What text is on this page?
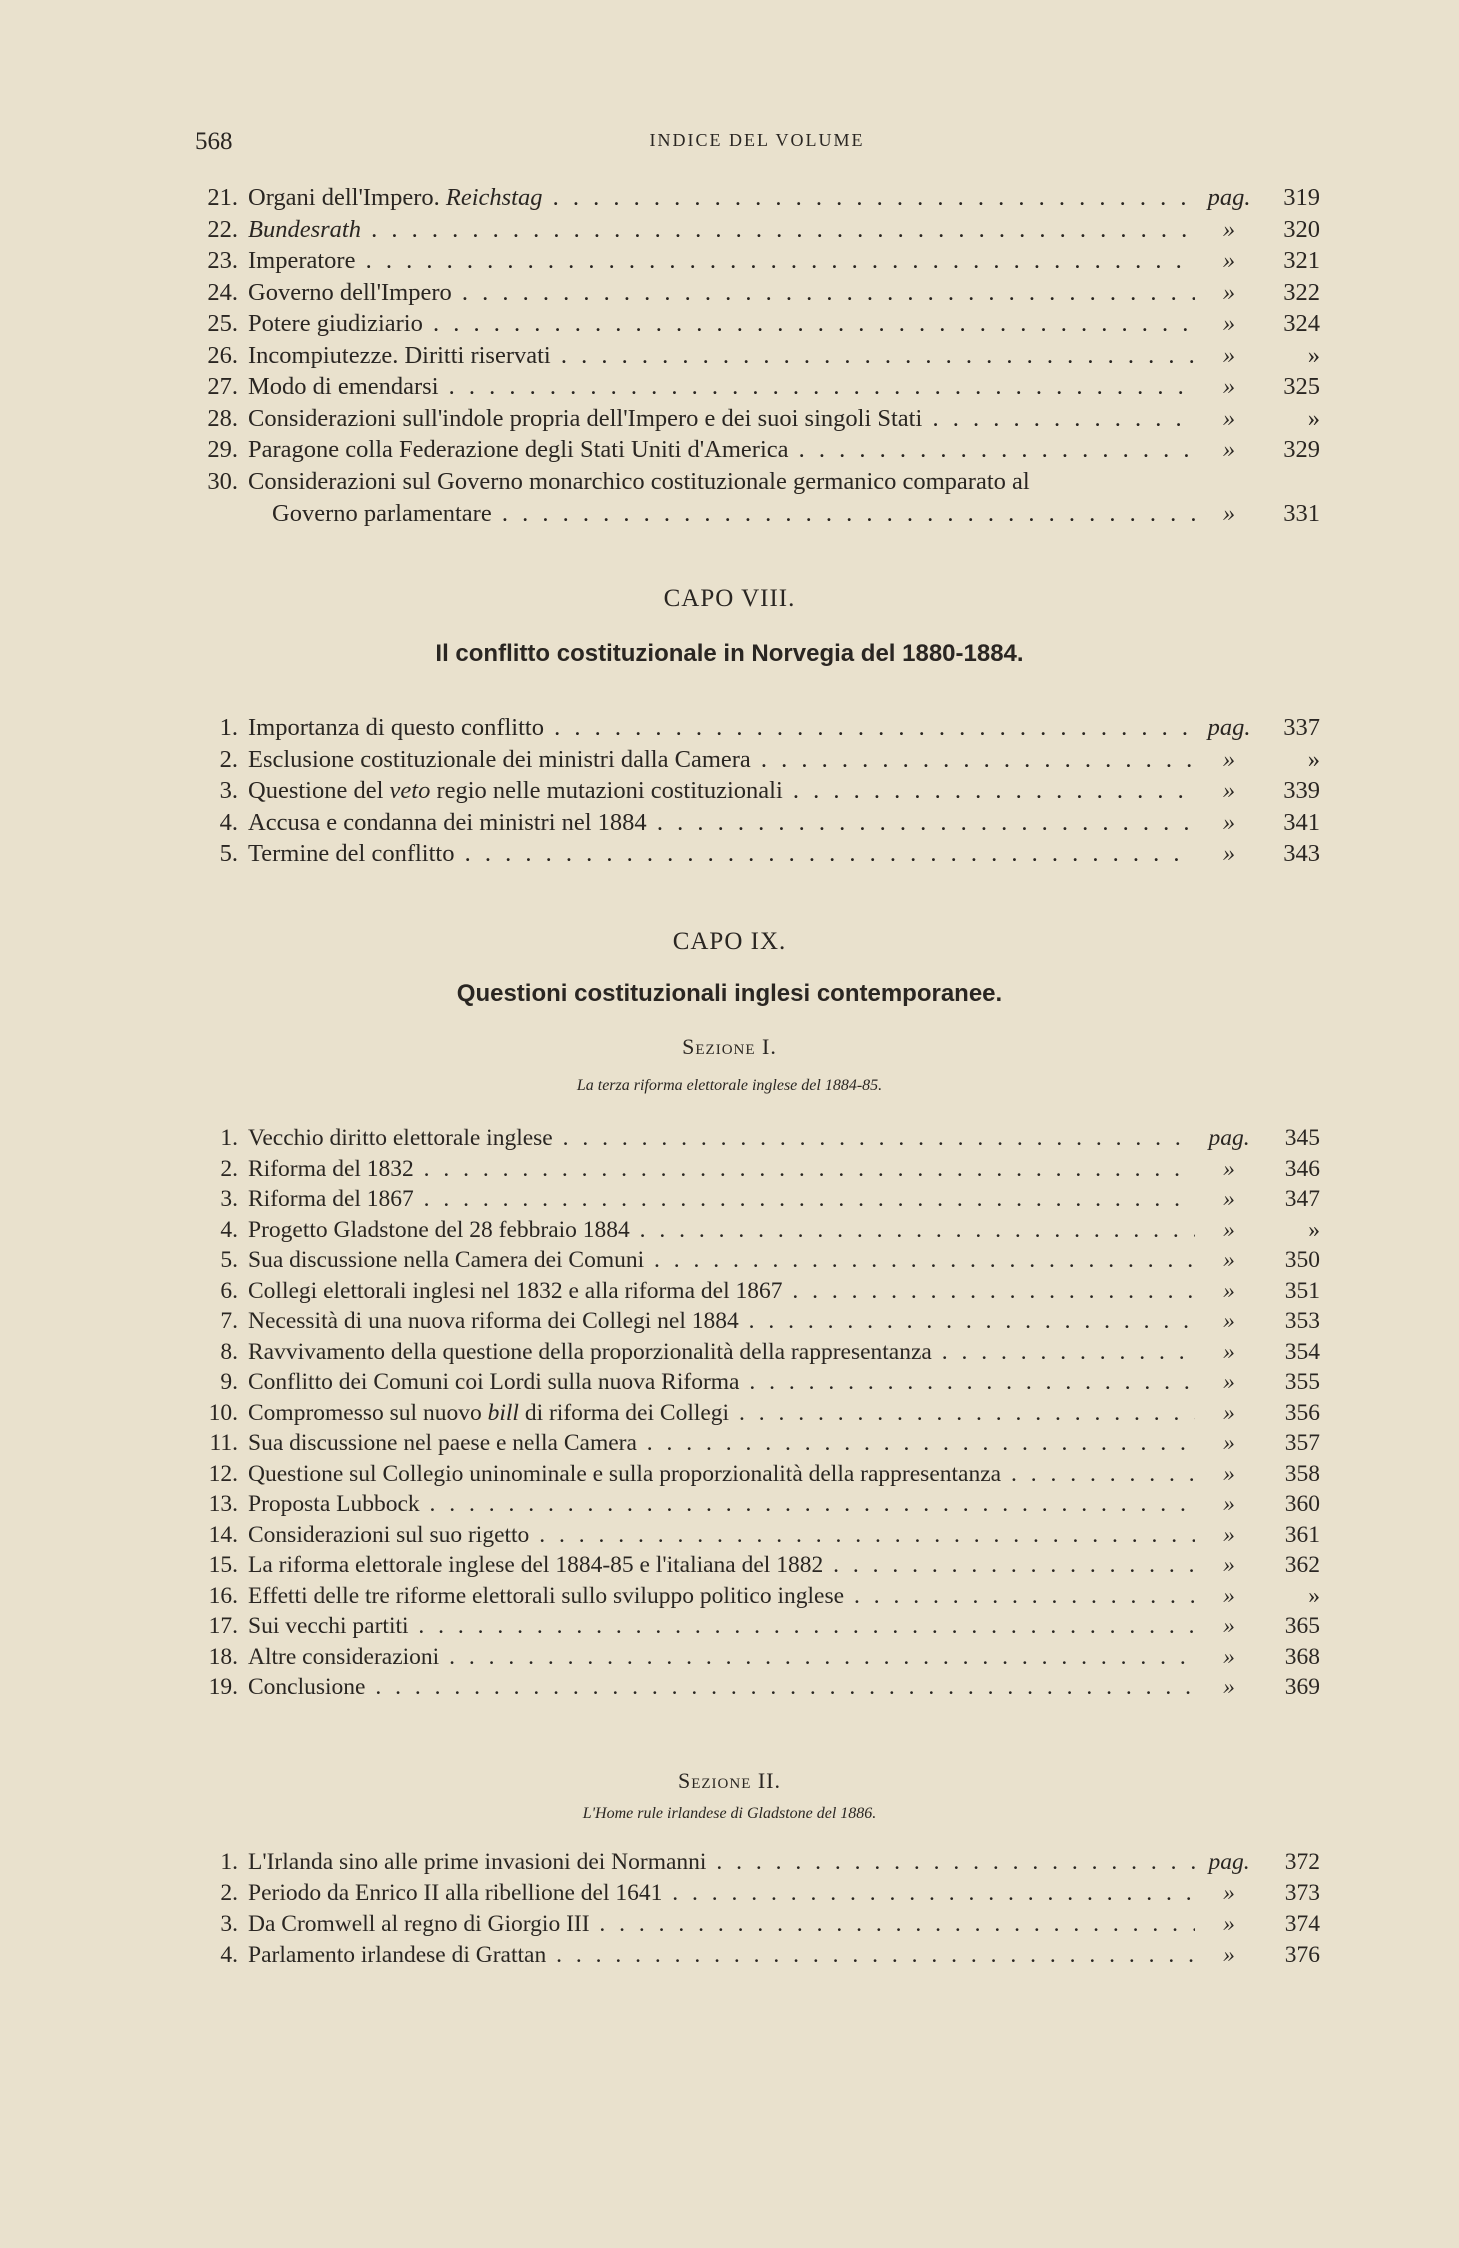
568	INDICE DEL VOLUME
21. Organi dell'Impero. Reichstag . . .	pag.	319
22. Bundesrath . . .	»	320
23. Imperatore . . .	»	321
24. Governo dell'Impero . . .	»	322
25. Potere giudiziario . . .	»	324
26. Incompiutezze. Diritti riservati . . .	»	»
27. Modo di emendarsi . . .	»	325
28. Considerazioni sull'indole propria dell'Impero e dei suoi singoli Stati . . .	»	»
29. Paragone colla Federazione degli Stati Uniti d'America . . .	»	329
30. Considerazioni sul Governo monarchico costituzionale germanico comparato al
Governo parlamentare . . .	»	331
CAPO VIII.
Il conflitto costituzionale in Norvegia del 1880-1884.
1. Importanza di questo conflitto . . .	pag.	337
2. Esclusione costituzionale dei ministri dalla Camera . . .	»	»
3. Questione del veto regio nelle mutazioni costituzionali . . .	»	339
4. Accusa e condanna dei ministri nel 1884 . . .	»	341
5. Termine del conflitto . . .	»	343
CAPO IX.
Questioni costituzionali inglesi contemporanee.
Sezione I.
La terza riforma elettorale inglese del 1884-85.
1. Vecchio diritto elettorale inglese . . .	pag.	345
2. Riforma del 1832 . . .	»	346
3. Riforma del 1867 . . .	»	347
4. Progetto Gladstone del 28 febbraio 1884 . . .	»	»
5. Sua discussione nella Camera dei Comuni . . .	»	350
6. Collegi elettorali inglesi nel 1832 e alla riforma del 1867 . . .	»	351
7. Necessità di una nuova riforma dei Collegi nel 1884 . . .	»	353
8. Ravvivamento della questione della proporzionalità della rappresentanza . . .	»	354
9. Conflitto dei Comuni coi Lordi sulla nuova Riforma . . .	»	355
10. Compromesso sul nuovo bill di riforma dei Collegi . . .	»	356
11. Sua discussione nel paese e nella Camera . . .	»	357
12. Questione sul Collegio uninominale e sulla proporzionalità della rappresentanza . . .	»	358
13. Proposta Lubbock . . .	»	360
14. Considerazioni sul suo rigetto . . .	»	361
15. La riforma elettorale inglese del 1884-85 e l'italiana del 1882 . . .	»	362
16. Effetti delle tre riforme elettorali sullo sviluppo politico inglese . . .	»	»
17. Sui vecchi partiti . . .	»	365
18. Altre considerazioni . . .	»	368
19. Conclusione . . .	»	369
Sezione II.
L'Home rule irlandese di Gladstone del 1886.
1. L'Irlanda sino alle prime invasioni dei Normanni . . .	pag.	372
2. Periodo da Enrico II alla ribellione del 1641 . . .	»	373
3. Da Cromwell al regno di Giorgio III . . .	»	374
4. Parlamento irlandese di Grattan . . .	»	376
